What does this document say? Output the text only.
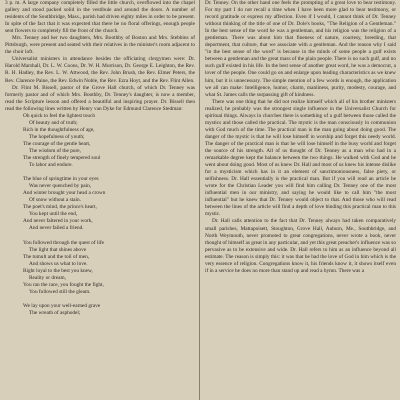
3 p. m. A large company completely filled the little church, overflowed into the chapel gallery and stood packed solid in the vestibule and around the doors. A number of residents of the Southbridge, Mass., parish had driven eighty miles in order to be present. In spite of the fact that it was expected that there be no floral offerings, enough people sent flowers to completely fill the front of the church.

Mrs. Tenney and her two daughters, Mrs. Boothby of Boston and Mrs. Stebbins of Pittsburgh, were present and seated with their relatives in the minister's room adjacent to the choir loft.

Universalist ministers in attendance besides the officiating clergymen were: Dr. Harold Marshall, Dr. L. W. Coons, Dr. W. H. Morrison, Dr. George E. Leighton, the Rev. R. H. Hadley, the Rev. L. W. Attwood, the Rev. John Brush, the Rev. Elmer Peters, the Rev. Clarence Paine, the Rev. Edwin Noble, the Rev. Ezra Hoyt, and the Rev. Flint Allen.

Dr. Flint M. Bissell, pastor of the Grove Hall church, of which Dr. Tenney was formerly pastor and of which Mrs. Boothby, Dr. Tenney's daughter, is now a member, read the Scripture lesson and offered a beautiful and inspiring prayer. Dr. Bissell then read the following lines written by Henry van Dyke for Edmund Clarence Stedman:

Oh quick to feel the lightest touch
Of beauty and of truth;
Rich in the thoughtfulness of age,
The hopefulness of youth;
The courage of the gentle heart,
The wisdom of the pure,
The strength of finely tempered soul
To labor and endure.
The blue of springtime in your eyes
Was never quenched by pain,
And winter brought your head a crown
Of snow without a stain.
The poet's mind, the prince's heart,
You kept until the end,
And never faltered in your work,
And never failed a friend.
You followed through the quest of life
The light that shines above
The tumult and the toil of men,
And shows us what to love.
Right loyal to the best you knew,
Reality or dream,
You ran the race, you fought the fight,
You followed still the gleam.
We lay upon your well-earned grave
The wreath of asphodel;

Dr. Tenney. On the other hand one feels the prompting of a great love to bear testimony. For my part I do not recall a time when I have been more glad to bear testimony, or record gratitude or express my affection. Even if I would, I cannot think of Dr. Tenney without thinking of the title of one of Dr. Dole's books, "The Religion of a Gentleman." In the best sense of the word he was a gentleman, and his religion was the religion of a gentleman. There was about him that fineness of nature, courtesy, breeding, that deportment, that culture, that we associate with a gentleman. And the reason why I said "in the best sense of the word" is because in the minds of some people a gulf exists between a gentleman and the great mass of the plain people. There is no such gulf, and no such gulf existed in his life. In the best sense of another great word, he was a democrat, a lover of the people. One could go on and enlarge upon leading characteristics as we knew him, but it is unnecessary. The simple mention of a few words is enough, the application we all can make: Intelligence, humor, charm, manliness, purity, modesty, courage, and what St. James calls the surpassing gift of kindness.

There was one thing that he did not realize himself which all of his brother ministers realized, he probably was the strongest single influence in the Universalist Church for spiritual things. Always in churches there is something of a gulf between those called the mystics and those called the practical. The mystic is the man consciously in communion with God much of the time. The practical man is the man going about doing good. The danger of the mystic is that he will lose himself in worship and forget this needy world. The danger of the practical man is that he will lose himself in the busy world and forget the source of his strength. All of us thought of Dr. Tenney as a man who had in a remarkable degree kept the balance between the two things. He walked with God and he went about doing good. Most of us knew Dr. Hall and most of us knew his intense dislike for a mysticism which has in it an element of sanctimoniousness, false piety, or selfishness. Dr. Hall essentially is the practical man. But if you will read an article he wrote for the Christian Leader you will find him calling Dr. Tenney one of the most influential men in our ministry, and saying he would like to call him "the most influential" but he knew that Dr. Tenney would object to that. And those who will read between the lines of the article will find a depth of love binding this practical man to this mystic.

Dr. Hall calls attention to the fact that Dr. Tenney always had taken comparatively small parishes, Mattapoisett, Stoughton, Grove Hall, Auburn, Me., Southbridge, and North Weymouth, never promoted to great congregations, never wrote a book, never thought of himself as great in any particular, and yet this great preacher's influence was so pervasive as to be extensive and wide. Dr. Hall refers to him as an influence beyond all estimate. The reason is simply this: it was that he had the love of God in him which is the very essence of religion. Congregations know it, his friends know it, it shows itself even if in a service he does no more than stand up and read a hymn. There was a
